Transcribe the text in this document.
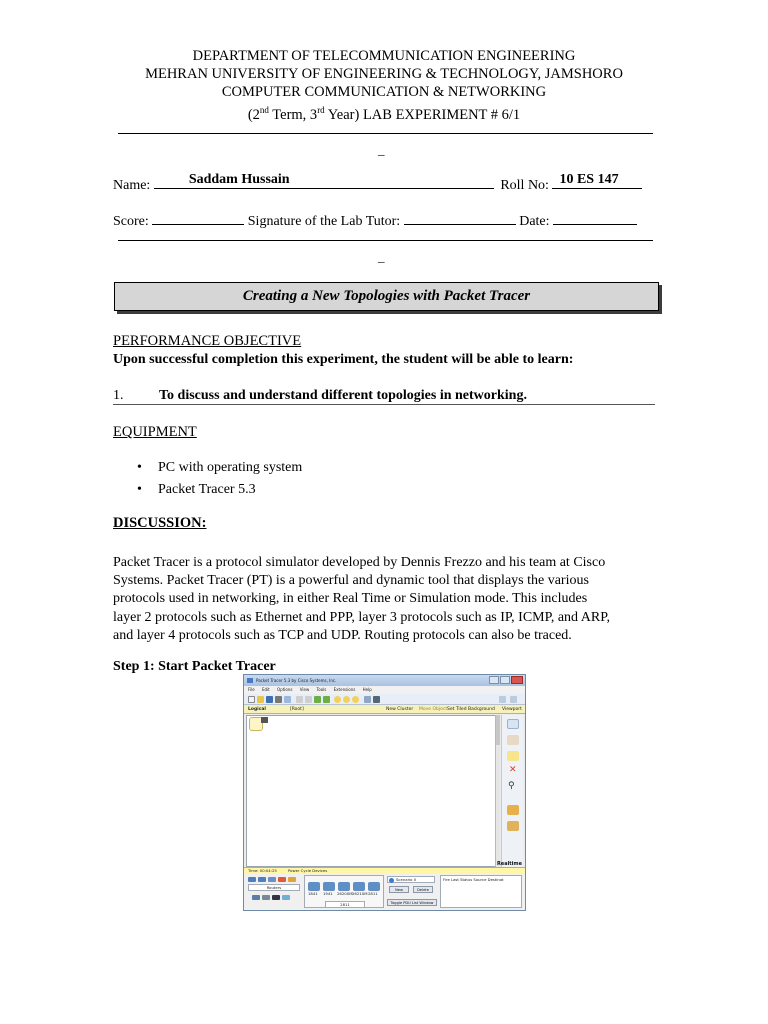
DEPARTMENT OF TELECOMMUNICATION ENGINEERING
MEHRAN UNIVERSITY OF ENGINEERING & TECHNOLOGY, JAMSHORO
COMPUTER COMMUNICATION & NETWORKING
(2nd Term, 3rd Year) LAB EXPERIMENT # 6/1
_
Name:	Saddam Hussain	Roll No: 10 ES 147
Score:	Signature of the Lab Tutor:	Date:
_
Creating a New Topologies with Packet Tracer
PERFORMANCE OBJECTIVE
Upon successful completion this experiment, the student will be able to learn:
1.	To discuss and understand different topologies in networking.
EQUIPMENT
• PC with operating system
• Packet Tracer 5.3
DISCUSSION:
Packet Tracer is a protocol simulator developed by Dennis Frezzo and his team at Cisco
Systems. Packet Tracer (PT) is a powerful and dynamic tool that displays the various
protocols used in networking, in either Real Time or Simulation mode. This includes
layer 2 protocols such as Ethernet and PPP, layer 3 protocols such as IP, ICMP, and ARP,
and layer 4 protocols such as TCP and UDP. Routing protocols can also be traced.
Step 1: Start Packet Tracer
Packet Tracer 5.3 by Cisco Systems, Inc.
File Edit Options View Tools Extensions Help
Logical	[Root]	New Cluster Move Object Set Tiled Background Viewport
✕
⚲
Realtime
Time: 00:04:25	Power Cycle Devices
Routers
1841 1941 2620XM 2621XM 2811
2811
Scenario 0
New	Delete
Toggle PDU List Window
Fire Last Status Source Destinat
